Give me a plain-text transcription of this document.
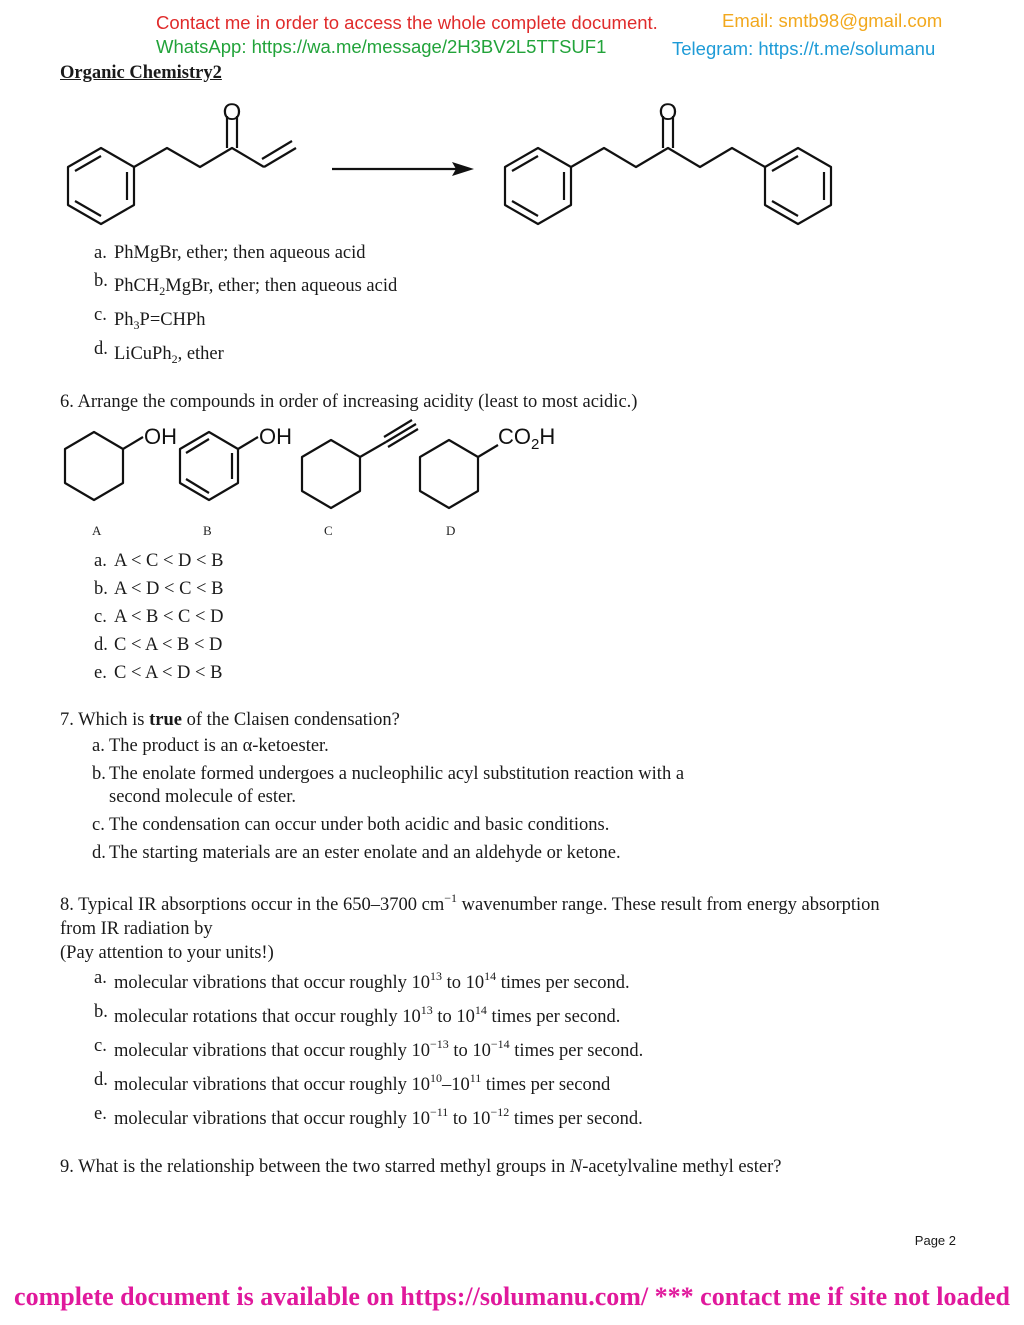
Contact me in order to access the whole complete document.	Email: smtb98@gmail.com
WhatsApp: https://wa.me/message/2H3BV2L5TTSUF1	Telegram: https://t.me/solumanu
Organic Chemistry2
O	O
a. PhMgBr, ether; then aqueous acid
b. PhCH$_2$MgBr, ether; then aqueous acid
c. $Ph_3P=CHPh$
d. LiCuPh$_2$, ether
6. Arrange the compounds in order of increasing acidity (least to most acidic.)
OH	OH	$CO_2H$
A	B	C	D
a. A < C < D < B
b. A < D < C < B
c. A < B < C < D
d. C < A < B < D
e. C < A < D < B
7. Which is true of the Claisen condensation?
a. The product is an α-ketoester.
b. The enolate formed undergoes a nucleophilic acyl substitution reaction with a
second molecule of ester.
c. The condensation can occur under both acidic and basic conditions.
d. The starting materials are an ester enolate and an aldehyde or ketone.
8. Typical IR absorptions occur in the 650–3700 $cm^{-1}$ wavenumber range. These result from energy absorption
from IR radiation by
(Pay attention to your units!)
a. molecular vibrations that occur roughly $10^{13}$ to $10^{14}$ times per second.
b. molecular rotations that occur roughly $10^{13}$ to $10^{14}$ times per second.
c. molecular vibrations that occur roughly $10^{-13}$ to $10^{-14}$ times per second.
d. molecular vibrations that occur roughly $10^{10}-10^{11}$ times per second
e. molecular vibrations that occur roughly $10^{-11}$ to $10^{-12}$ times per second.
9. What is the relationship between the two starred methyl groups in N-acetylvaline methyl ester?
Page 2
complete document is available on https://solumanu.com/ *** contact me if site not loaded
